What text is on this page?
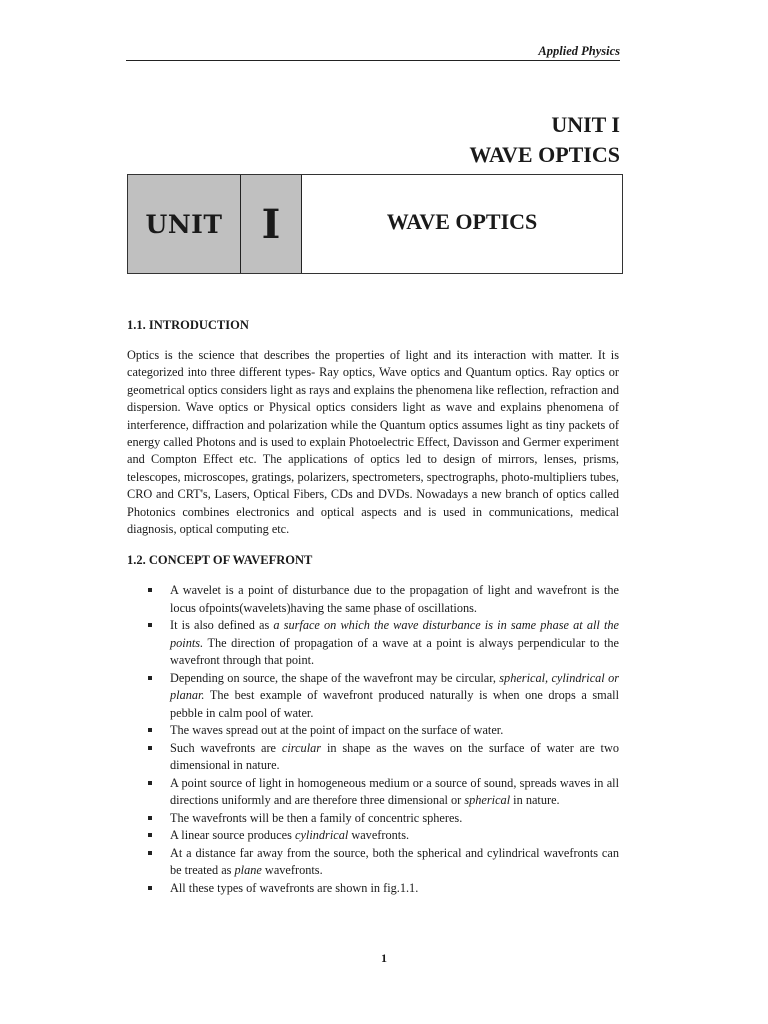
Applied Physics
UNIT I
WAVE OPTICS
UNIT I	WAVE OPTICS
1.1. INTRODUCTION

Optics is the science that describes the properties of light and its interaction with matter. It is categorized into three different types- Ray optics, Wave optics and Quantum optics. Ray optics or geometrical optics considers light as rays and explains the phenomena like reflection, refraction and dispersion. Wave optics or Physical optics considers light as wave and explains phenomena of interference, diffraction and polarization while the Quantum optics assumes light as tiny packets of energy called Photons and is used to explain Photoelectric Effect, Davisson and Germer experiment and Compton Effect etc. The applications of optics led to design of mirrors, lenses, prisms, telescopes, microscopes, gratings, polarizers, spectrometers, spectrographs, photo-multipliers tubes, CRO and CRT's, Lasers, Optical Fibers, CDs and DVDs. Nowadays a new branch of optics called Photonics combines electronics and optical aspects and is used in communications, medical diagnosis, optical computing etc.

1.2. CONCEPT OF WAVEFRONT
A wavelet is a point of disturbance due to the propagation of light and wavefront is the locus ofpoints(wavelets)having the same phase of oscillations.
It is also defined as a surface on which the wave disturbance is in same phase at all the points. The direction of propagation of a wave at a point is always perpendicular to the wavefront through that point.
Depending on source, the shape of the wavefront may be circular, spherical, cylindrical or planar. The best example of wavefront produced naturally is when one drops a small pebble in calm pool of water.
The waves spread out at the point of impact on the surface of water.
Such wavefronts are circular in shape as the waves on the surface of water are two dimensional in nature.
A point source of light in homogeneous medium or a source of sound, spreads waves in all directions uniformly and are therefore three dimensional or spherical in nature.
The wavefronts will be then a family of concentric spheres.
A linear source produces cylindrical wavefronts.
At a distance far away from the source, both the spherical and cylindrical wavefronts can be treated as plane wavefronts.
All these types of wavefronts are shown in fig.1.1.
1
